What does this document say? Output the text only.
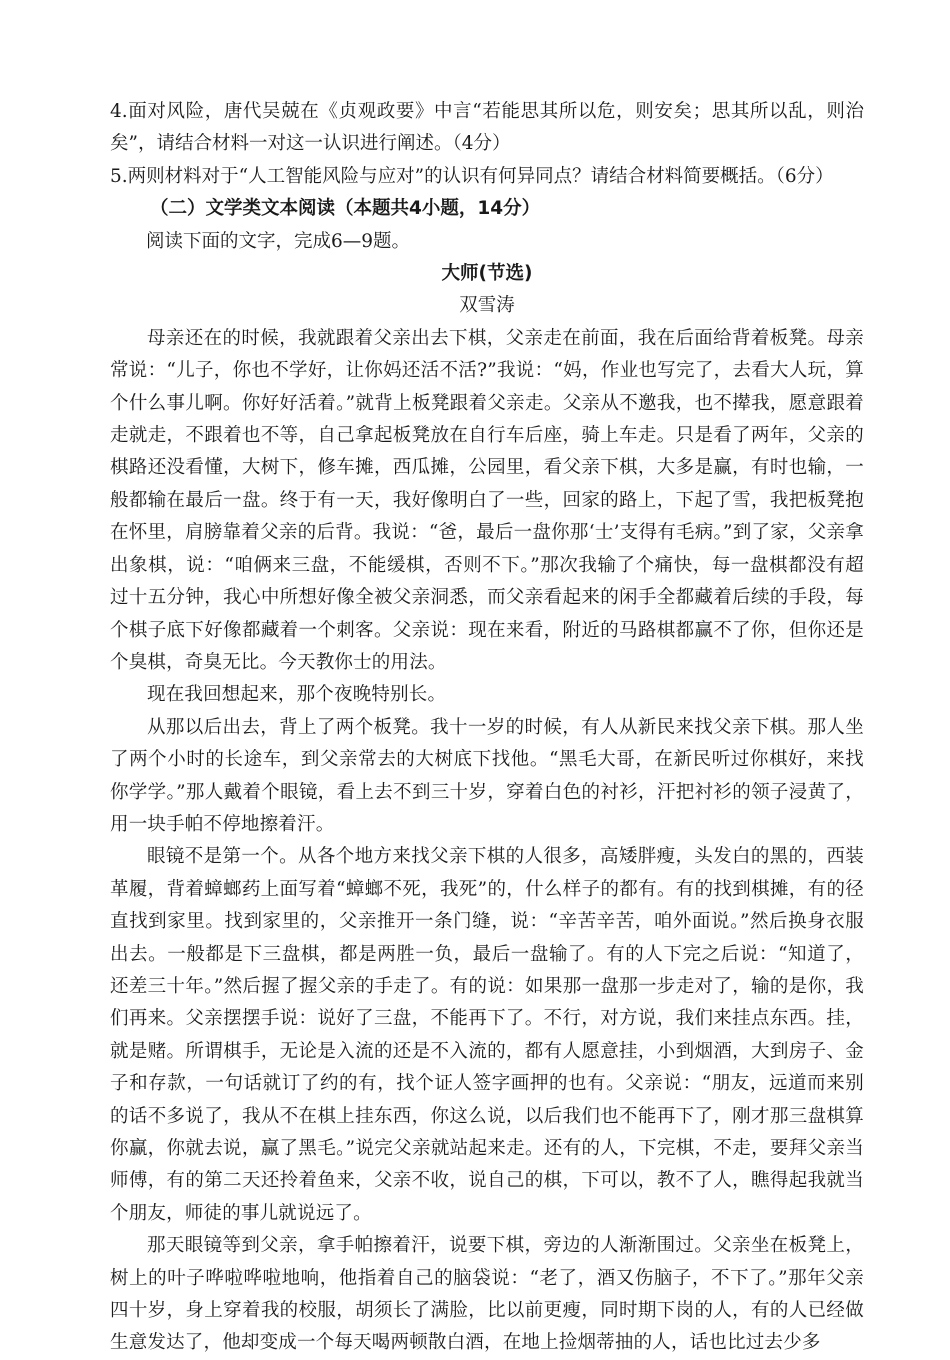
4.面对风险，唐代吴兢在《贞观政要》中言“若能思其所以危，则安矣；思其所以乱，则治矣”，请结合材料一对这一认识进行阐述。（4分）

5.两则材料对于“人工智能风险与应对”的认识有何异同点？请结合材料简要概括。（6分）

（二）文学类文本阅读（本题共4小题，14分）

阅读下面的文字，完成6—9题。

大师(节选)

双雪涛

母亲还在的时候，我就跟着父亲出去下棋，父亲走在前面，我在后面给背着板凳。母亲常说：“儿子，你也不学好，让你妈还活不活?”我说：“妈，作业也写完了，去看大人玩，算个什么事儿啊。你好好活着。”就背上板凳跟着父亲走。父亲从不邀我，也不撵我，愿意跟着走就走，不跟着也不等，自己拿起板凳放在自行车后座，骑上车走。只是看了两年，父亲的棋路还没看懂，大树下，修车摊，西瓜摊，公园里，看父亲下棋，大多是赢，有时也输，一般都输在最后一盘。终于有一天，我好像明白了一些，回家的路上，下起了雪，我把板凳抱在怀里，肩膀靠着父亲的后背。我说：“爸，最后一盘你那‘士’支得有毛病。”到了家，父亲拿出象棋，说：“咱俩来三盘，不能缓棋，否则不下。”那次我输了个痛快，每一盘棋都没有超过十五分钟，我心中所想好像全被父亲洞悉，而父亲看起来的闲手全都藏着后续的手段，每个棋子底下好像都藏着一个刺客。父亲说：现在来看，附近的马路棋都赢不了你，但你还是个臭棋，奇臭无比。今天教你士的用法。

现在我回想起来，那个夜晚特别长。

从那以后出去，背上了两个板凳。我十一岁的时候，有人从新民来找父亲下棋。那人坐了两个小时的长途车，到父亲常去的大树底下找他。“黑毛大哥，在新民听过你棋好，来找你学学。”那人戴着个眼镜，看上去不到三十岁，穿着白色的衬衫，汗把衬衫的领子浸黄了，用一块手帕不停地擦着汗。

眼镜不是第一个。从各个地方来找父亲下棋的人很多，高矮胖瘦，头发白的黑的，西装革履，背着蟑螂药上面写着“蟑螂不死，我死”的，什么样子的都有。有的找到棋摊，有的径直找到家里。找到家里的，父亲推开一条门缝，说：“辛苦辛苦，咱外面说。”然后换身衣服出去。一般都是下三盘棋，都是两胜一负，最后一盘输了。有的人下完之后说：“知道了，还差三十年。”然后握了握父亲的手走了。有的说：如果那一盘那一步走对了，输的是你，我们再来。父亲摆摆手说：说好了三盘，不能再下了。不行，对方说，我们来挂点东西。挂，就是赌。所谓棋手，无论是入流的还是不入流的，都有人愿意挂，小到烟酒，大到房子、金子和存款，一句话就订了约的有，找个证人签字画押的也有。父亲说：“朋友，远道而来别的话不多说了，我从不在棋上挂东西，你这么说，以后我们也不能再下了，刚才那三盘棋算你赢，你就去说，赢了黑毛。”说完父亲就站起来走。还有的人，下完棋，不走，要拜父亲当师傅，有的第二天还拎着鱼来，父亲不收，说自己的棋，下可以，教不了人，瞧得起我就当个朋友，师徒的事儿就说远了。

那天眼镜等到父亲，拿手帕擦着汗，说要下棋，旁边的人渐渐围过。父亲坐在板凳上，树上的叶子哗啦哗啦地响，他指着自己的脑袋说：“老了，酒又伤脑子，不下了。”那年父亲四十岁，身上穿着我的校服，胡须长了满脸，比以前更瘦，同时期下岗的人，有的人已经做生意发达了，他却变成一个每天喝两顿散白酒，在地上捡烟蒂抽的人，话也比过去少多
